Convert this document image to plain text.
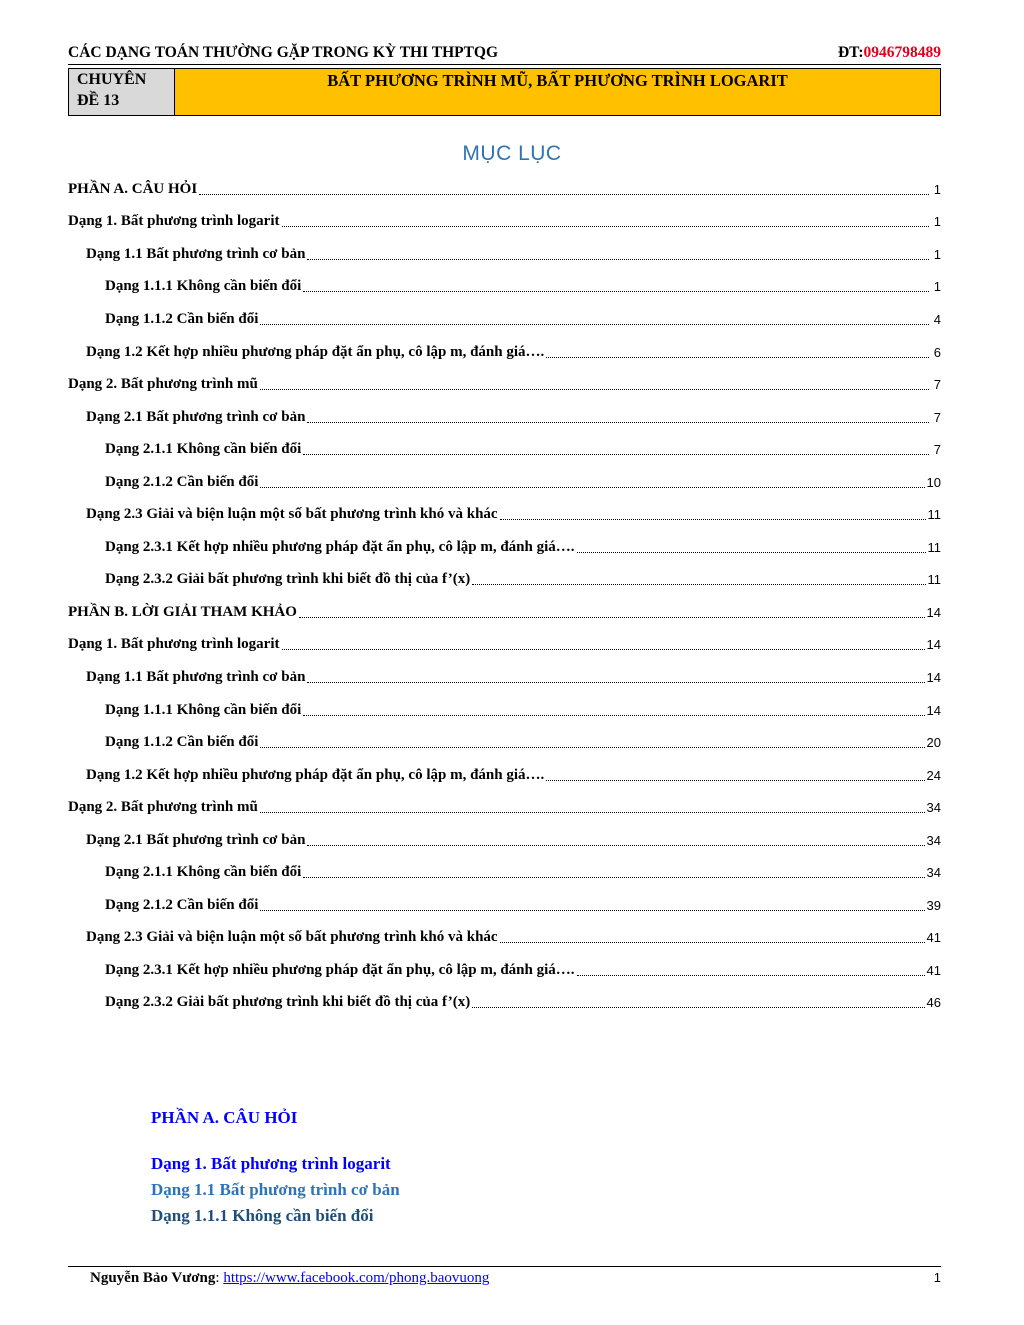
CÁC DẠNG TOÁN THƯỜNG GẶP TRONG KỲ THI THPTQG	ĐT:0946798489
CHUYÊN
ĐỀ 13
BẤT PHƯƠNG TRÌNH MŨ, BẤT PHƯƠNG TRÌNH LOGARIT
MỤC LỤC
PHẦN A. CÂU HỎI	1
Dạng 1. Bất phương trình logarit	1
Dạng 1.1 Bất phương trình cơ bản	1
Dạng 1.1.1 Không cần biến đổi	1
Dạng 1.1.2 Cần biến đổi	4
Dạng 1.2 Kết hợp nhiều phương pháp đặt ẩn phụ, cô lập m, đánh giá….	6
Dạng 2. Bất phương trình mũ	7
Dạng 2.1 Bất phương trình cơ bản	7
Dạng 2.1.1 Không cần biến đổi	7
Dạng 2.1.2 Cần biến đổi	10
Dạng 2.3 Giải và biện luận một số bất phương trình khó và khác	11
Dạng 2.3.1 Kết hợp nhiều phương pháp đặt ẩn phụ, cô lập m, đánh giá….	11
Dạng 2.3.2 Giải bất phương trình khi biết đồ thị của f’(x)	11
PHẦN B. LỜI GIẢI THAM KHẢO	14
Dạng 1. Bất phương trình logarit	14
Dạng 1.1 Bất phương trình cơ bản	14
Dạng 1.1.1 Không cần biến đổi	14
Dạng 1.1.2 Cần biến đổi	20
Dạng 1.2 Kết hợp nhiều phương pháp đặt ẩn phụ, cô lập m, đánh giá….	24
Dạng 2. Bất phương trình mũ	34
Dạng 2.1 Bất phương trình cơ bản	34
Dạng 2.1.1 Không cần biến đổi	34
Dạng 2.1.2 Cần biến đổi	39
Dạng 2.3 Giải và biện luận một số bất phương trình khó và khác	41
Dạng 2.3.1 Kết hợp nhiều phương pháp đặt ẩn phụ, cô lập m, đánh giá….	41
Dạng 2.3.2 Giải bất phương trình khi biết đồ thị của f’(x)	46
PHẦN A. CÂU HỎI
Dạng 1. Bất phương trình logarit
Dạng 1.1 Bất phương trình cơ bản
Dạng 1.1.1 Không cần biến đổi
Nguyễn Bảo Vương: https://www.facebook.com/phong.baovuong	1
